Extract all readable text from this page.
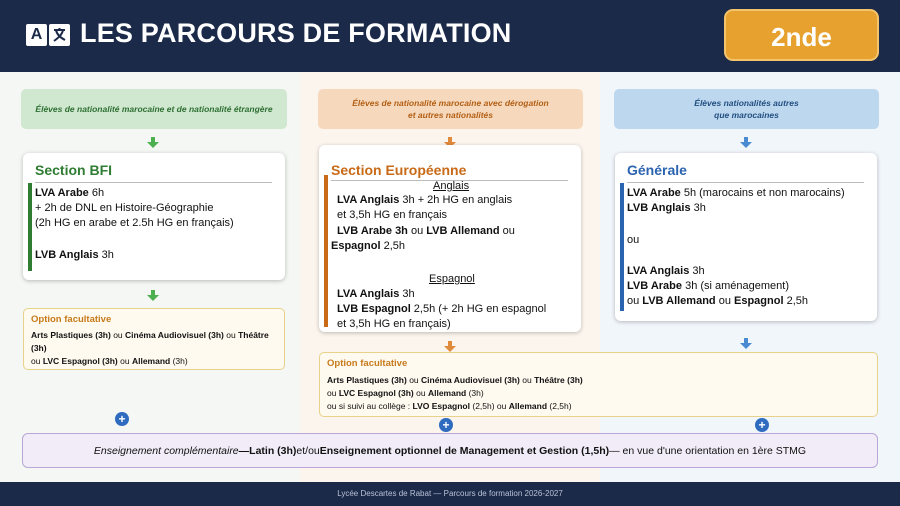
A LES PARCOURS DE FORMATION	2nde
Élèves de nationalité marocaine et de nationalité étrangère
Élèves de nationalité marocaine avec dérogation
et autres nationalités
Élèves nationalités autres
que marocaines
Section BFI
LVA Arabe 6h
+ 2h de DNL en Histoire-Géographie
(2h HG en arabe et 2.5h HG en français)
LVB Anglais 3h
Section Européenne
Anglais
LVA Anglais 3h + 2h HG en anglais
et 3,5h HG en français
LVB Arabe 3h ou LVB Allemand ou
Espagnol 2,5h
Espagnol
LVA Anglais 3h
LVB Espagnol 2,5h (+ 2h HG en espagnol
et 3,5h HG en français)
Générale
LVA Arabe 5h (marocains et non marocains)
LVB Anglais 3h
ou
LVA Anglais 3h
LVB Arabe 3h (si aménagement)
ou LVB Allemand ou Espagnol 2,5h
Option facultative
Arts Plastiques (3h) ou Cinéma Audiovisuel (3h) ou Théâtre
(3h)
ou LVC Espagnol (3h) ou Allemand (3h)	Option facultative
Arts Plastiques (3h) ou Cinéma Audiovisuel (3h) ou Théâtre (3h)
ou LVC Espagnol (3h) ou Allemand (3h)
ou si suivi au collège : LVO Espagnol (2,5h) ou Allemand (2,5h)
+	+	+
Enseignement complémentaire — Latin (3h) et/ou Enseignement optionnel de Management et Gestion (1,5h) — en vue d'une orientation en 1ère STMG
Lycée Descartes de Rabat — Parcours de formation 2026-2027
